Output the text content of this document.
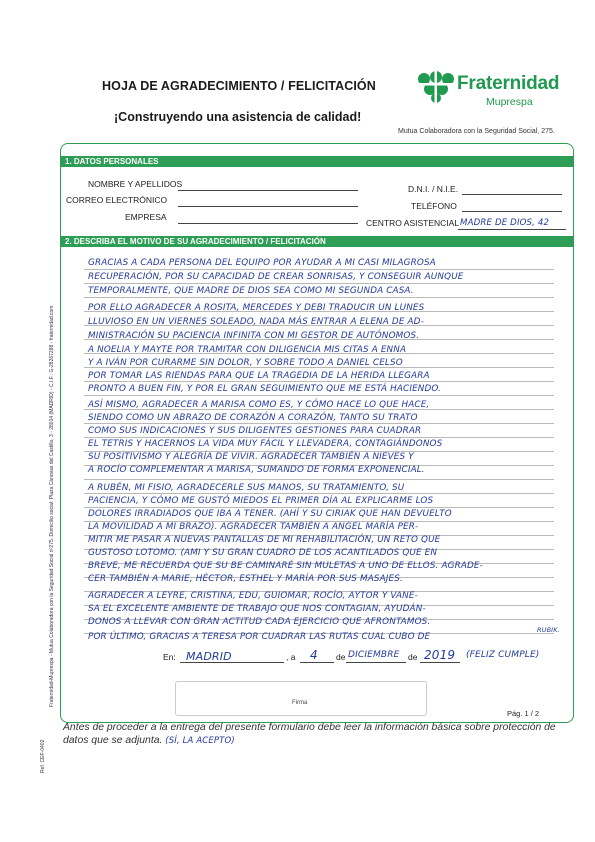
HOJA DE AGRADECIMIENTO / FELICITACIÓN
¡Construyendo una asistencia de calidad!
Fraternidad
Muprespa
Mutua Colaboradora con la Seguridad Social, 275.
Fraternidad-Muprespa - Mutua Colaboradora con la Seguridad Social nº275. Domicilio social: Plaza Cánovas del Castillo, 3 - 28014 (MADRID) - C.I.F.: G-28267288 - fraternidad.com
Ref. CEF-0402
1. DATOS PERSONALES
NOMBRE Y APELLIDOS	D.N.I. / N.I.E.
CORREO ELECTRÓNICO
TELÉFONO
EMPRESA
CENTRO ASISTENCIAL MADRE DE DIOS, 42
2. DESCRIBA EL MOTIVO DE SU AGRADECIMIENTO / FELICITACIÓN
GRACIAS A CADA PERSONA DEL EQUIPO POR AYUDAR A MI CASI MILAGROSA
RECUPERACIÓN, POR SU CAPACIDAD DE CREAR SONRISAS, Y CONSEGUIR AUNQUE
TEMPORALMENTE, QUE MADRE DE DIOS SEA COMO MI SEGUNDA CASA.
POR ELLO AGRADECER A ROSITA, MERCEDES Y DEBI TRADUCIR UN LUNES
LLUVIOSO EN UN VIERNES SOLEADO, NADA MÁS ENTRAR A ELENA DE AD-
MINISTRACIÓN SU PACIENCIA INFINITA CON MI GESTOR DE AUTÓNOMOS.
A NOELIA Y MAYTE POR TRAMITAR CON DILIGENCIA MIS CITAS A ENNA
Y A IVÁN POR CURARME SIN DOLOR, Y SOBRE TODO A DANIEL CELSO
POR TOMAR LAS RIENDAS PARA QUE LA TRAGEDIA DE LA HERIDA LLEGARA
PRONTO A BUEN FIN, Y POR EL GRAN SEGUIMIENTO QUE ME ESTÁ HACIENDO.
ASÍ MISMO, AGRADECER A MARISA COMO ES, Y CÓMO HACE LO QUE HACE,
SIENDO COMO UN ABRAZO DE CORAZÓN A CORAZÓN, TANTO SU TRATO
COMO SUS INDICACIONES Y SUS DILIGENTES GESTIONES PARA CUADRAR
EL TETRIS Y HACERNOS LA VIDA MUY FÁCIL Y LLEVADERA, CONTAGIÁNDONOS
SU POSITIVISMO Y ALEGRÍA DE VIVIR. AGRADECER TAMBIÉN A NIEVES Y
A ROCÍO COMPLEMENTAR A MARISA, SUMANDO DE FORMA EXPONENCIAL.
A RUBÉN, MI FISIO, AGRADECERLE SUS MANOS, SU TRATAMIENTO, SU
PACIENCIA, Y CÓMO ME GUSTÓ MIEDOS EL PRIMER DÍA AL EXPLICARME LOS
DOLORES IRRADIADOS QUE IBA A TENER. (AHÍ Y SU CIRIAK QUE HAN DEVUELTO
LA MOVILIDAD A MI BRAZO). AGRADECER TAMBIÉN A ANGEL MARÍA PER-
MITIR ME PASAR A NUEVAS PANTALLAS DE MI REHABILITACIÓN, UN RETO QUE
GUSTOSO LOTOMO. (AMI Y SU GRAN CUADRO DE LOS ACANTILADOS QUE EN
BREVE, ME RECUERDA QUE SU BE CAMINARÉ SIN MULETAS A UNO DE ELLOS. AGRADE-
CER TAMBIÉN A MARIE, HÉCTOR, ESTHEL Y MARÍA POR SUS MASAJES.
AGRADECER A LEYRE, CRISTINA, EDU, GUIOMAR, ROCÍO, AYTOR Y VANE-
SA EL EXCELENTE AMBIENTE DE TRABAJO QUE NOS CONTAGIAN, AYUDÁN-
DONOS A LLEVAR CON GRAN ACTITUD CADA EJERCICIO QUE AFRONTAMOS.
POR ÚLTIMO, GRACIAS A TERESA POR CUADRAR LAS RUTAS CUAL CUBO DE
RUBIK.
En: MADRID	, a 4 de DICIEMBRE de 2019 (FELIZ CUMPLE)
Firma
Pág. 1 / 2
Antes de proceder a la entrega del presente formulario debe leer la información básica sobre protección de datos que se adjunta. (SÍ, LA ACEPTO)
